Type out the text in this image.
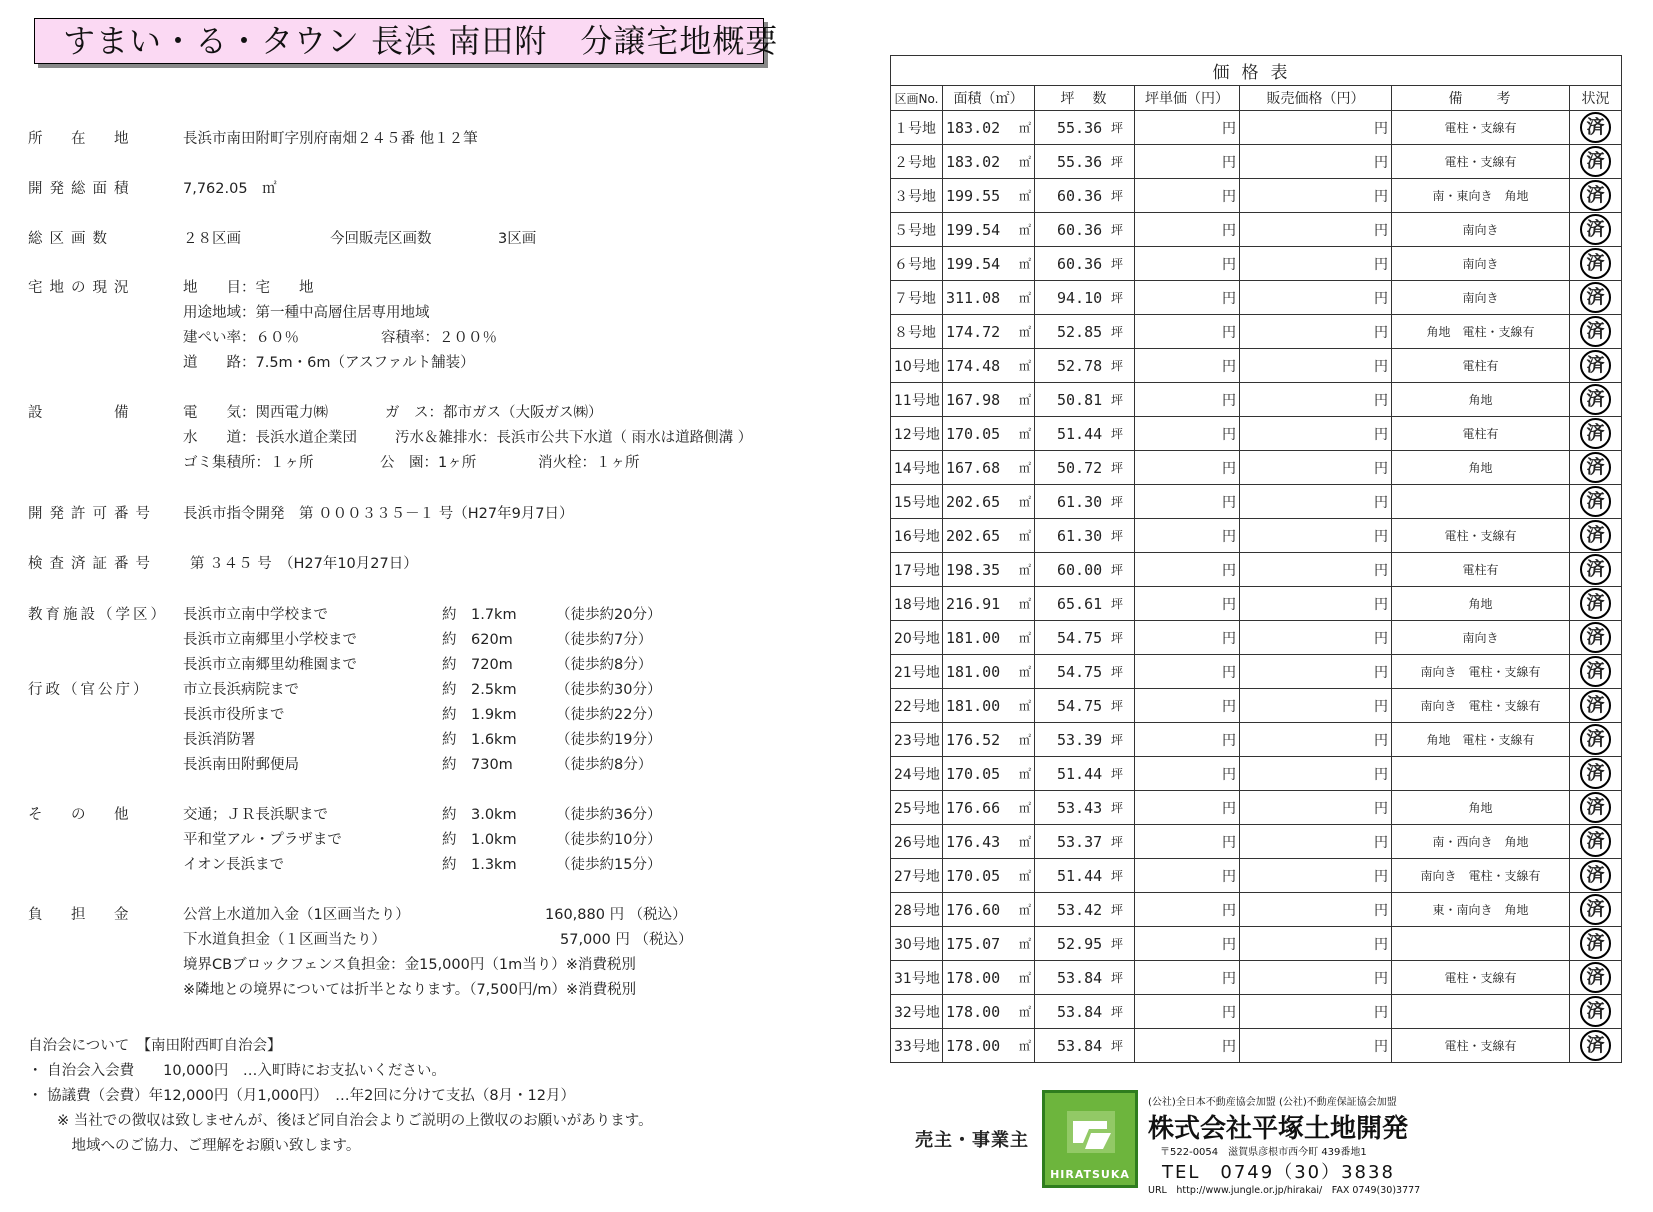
すまい・る・タウン 長浜 南田附　分譲宅地概要
所　在　地	長浜市南田附町字別府南畑２４５番 他１２筆
開発総面積	7,762.05　㎡
総区画数	２８区画	今回販売区画数	3区画
宅地の現況	地　　目：宅　　地
用途地域：第一種中高層住居専用地域
建ぺい率：６０％	容積率：２００％
道　　路：7.5m・6m（アスファルト舗装）
設　　　備	電　　気：関西電力㈱	ガ　ス：都市ガス（大阪ガス㈱）
水　　道：長浜水道企業団	汚水＆雑排水：長浜市公共下水道（ 雨水は道路側溝 ）
ゴミ集積所：１ヶ所	公　園：1ヶ所	消火栓：１ヶ所
開発許可番号 長浜市指令開発　第 ０００３３５－１ 号（H27年9月7日）
検査済証番号 第 ３４５ 号　（H27年10月27日）
教育施設（学区） 長浜市立南中学校まで	約　1.7km	（徒歩約20分）
長浜市立南郷里小学校まで	約　620m	（徒歩約7分）
長浜市立南郷里幼稚園まで	約　720m	（徒歩約8分）
行政（官公庁） 市立長浜病院まで	約　2.5km	（徒歩約30分）
長浜市役所まで	約　1.9km	（徒歩約22分）
長浜消防署	約　1.6km	（徒歩約19分）
長浜南田附郵便局	約　730m	（徒歩約8分）
そ　の　他	交通；ＪＲ長浜駅まで	約　3.0km	（徒歩約36分）
平和堂アル・プラザまで	約　1.0km	（徒歩約10分）
イオン長浜まで	約　1.3km	（徒歩約15分）
負　担　金	公営上水道加入金（1区画当たり）	160,880 円 （税込）
下水道負担金（１区画当たり）	57,000 円 （税込）
境界CBブロックフェンス負担金：金15,000円（1m当り）※消費税別
※隣地との境界については折半となります。（7,500円/m）※消費税別
自治会について　【南田附西町自治会】
・ 自治会入会費　　10,000円　…入町時にお支払いください。
・ 協議費（会費）年12,000円（月1,000円）　…年2回に分けて支払（8月・12月）
　　※ 当社での徴収は致しませんが、後ほど同自治会よりご説明の上徴収のお願いがあります。
　　　地域へのご協力、ご理解をお願い致します。
価格表						
区画No.	面積（㎡）	坪　数	坪単価（円）	販売価格（円）	備　　考	状況
１号地	183.02 ㎡	55.36 坪	円	円	電柱・支線有	済
２号地	183.02 ㎡	55.36 坪	円	円	電柱・支線有	済
３号地	199.55 ㎡	60.36 坪	円	円	南・東向き　角地	済
５号地	199.54 ㎡	60.36 坪	円	円	南向き	済
６号地	199.54 ㎡	60.36 坪	円	円	南向き	済
７号地	311.08 ㎡	94.10 坪	円	円	南向き	済
８号地	174.72 ㎡	52.85 坪	円	円	角地　電柱・支線有	済
10号地	174.48 ㎡	52.78 坪	円	円	電柱有	済
11号地	167.98 ㎡	50.81 坪	円	円	角地	済
12号地	170.05 ㎡	51.44 坪	円	円	電柱有	済
14号地	167.68 ㎡	50.72 坪	円	円	角地	済
15号地	202.65 ㎡	61.30 坪	円	円		済
16号地	202.65 ㎡	61.30 坪	円	円	電柱・支線有	済
17号地	198.35 ㎡	60.00 坪	円	円	電柱有	済
18号地	216.91 ㎡	65.61 坪	円	円	角地	済
20号地	181.00 ㎡	54.75 坪	円	円	南向き	済
21号地	181.00 ㎡	54.75 坪	円	円	南向き　電柱・支線有	済
22号地	181.00 ㎡	54.75 坪	円	円	南向き　電柱・支線有	済
23号地	176.52 ㎡	53.39 坪	円	円	角地　電柱・支線有	済
24号地	170.05 ㎡	51.44 坪	円	円		済
25号地	176.66 ㎡	53.43 坪	円	円	角地	済
26号地	176.43 ㎡	53.37 坪	円	円	南・西向き　角地	済
27号地	170.05 ㎡	51.44 坪	円	円	南向き　電柱・支線有	済
28号地	176.60 ㎡	53.42 坪	円	円	東・南向き　角地	済
30号地	175.07 ㎡	52.95 坪	円	円		済
31号地	178.00 ㎡	53.84 坪	円	円	電柱・支線有	済
32号地	178.00 ㎡	53.84 坪	円	円		済
33号地	178.00 ㎡	53.84 坪	円	円	電柱・支線有	済
売主・事業主
HIRATSUKA
(公社)全日本不動産協会加盟 (公社)不動産保証協会加盟
株式会社平塚土地開発
〒522-0054　滋賀県彦根市西今町 439番地1
TEL　0749（30）3838
URL　http://www.jungle.or.jp/hirakai/　FAX 0749(30)3777
